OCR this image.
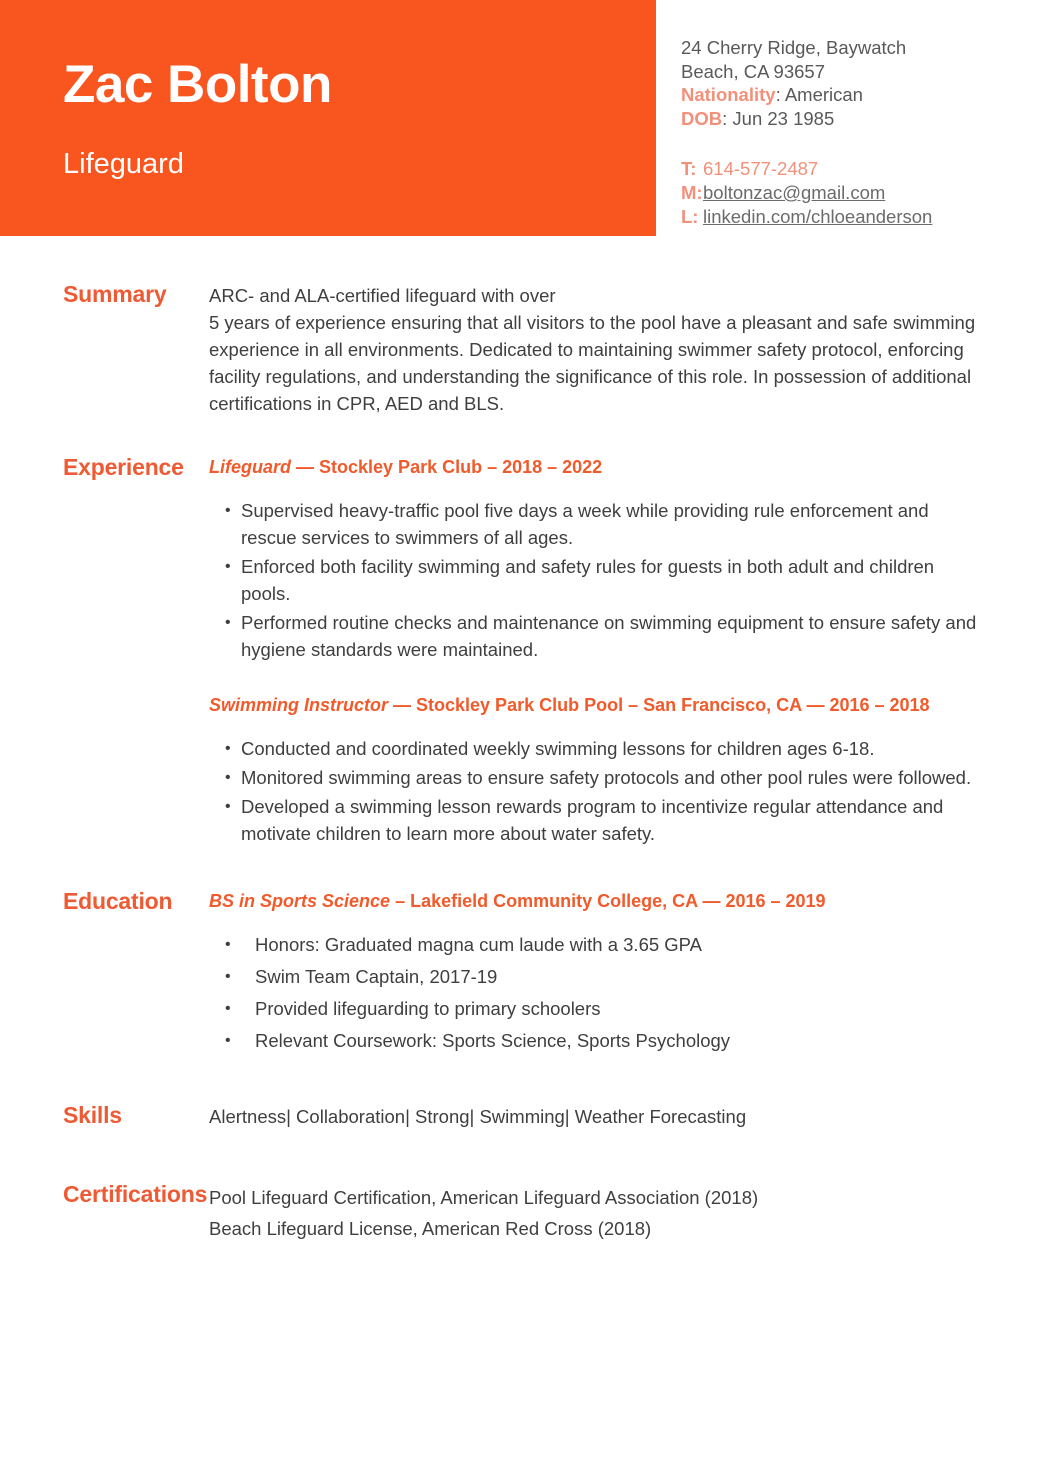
Zac Bolton
Lifeguard
24 Cherry Ridge, Baywatch
Beach, CA 93657
Nationality: American
DOB: Jun 23 1985
T: 614-577-2487
M: boltonzac@gmail.com
L: linkedin.com/chloeanderson
Summary	ARC- and ALA-certified lifeguard with over

5 years of experience ensuring that all visitors to the pool have a pleasant and safe swimming experience in all environments. Dedicated to maintaining swimmer safety protocol, enforcing facility regulations, and understanding the significance of this role. In possession of additional certifications in CPR, AED and BLS.

Experience	Lifeguard — Stockley Park Club – 2018 – 2022

• Supervised heavy-traffic pool five days a week while providing rule enforcement and rescue services to swimmers of all ages.
• Enforced both facility swimming and safety rules for guests in both adult and children pools.
• Performed routine checks and maintenance on swimming equipment to ensure safety and hygiene standards were maintained.

Swimming Instructor — Stockley Park Club Pool – San Francisco, CA — 2016 – 2018

• Conducted and coordinated weekly swimming lessons for children ages 6-18.
• Monitored swimming areas to ensure safety protocols and other pool rules were followed.
• Developed a swimming lesson rewards program to incentivize regular attendance and motivate children to learn more about water safety.
Education	BS in Sports Science – Lakefield Community College, CA — 2016 – 2019

• Honors: Graduated magna cum laude with a 3.65 GPA
• Swim Team Captain, 2017-19
• Provided lifeguarding to primary schoolers
• Relevant Coursework: Sports Science, Sports Psychology
Skills	Alertness| Collaboration| Strong| Swimming| Weather Forecasting
Certifications Pool Lifeguard Certification, American Lifeguard Association (2018)
Beach Lifeguard License, American Red Cross (2018)
